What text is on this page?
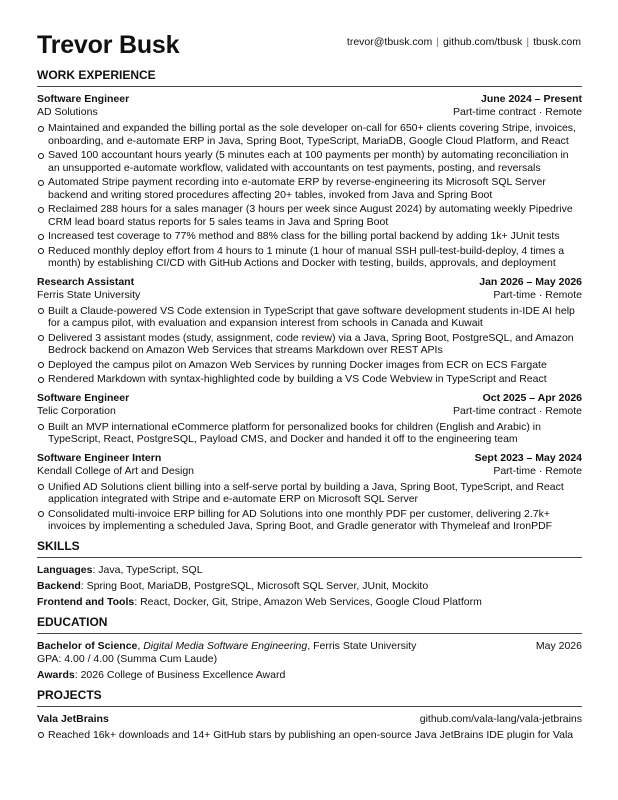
Trevor Busk	trevor@tbusk.com | github.com/tbusk | tbusk.com
WORK EXPERIENCE
Software Engineer	June 2024 – Present
AD Solutions	Part-time contract · Remote
Maintained and expanded the billing portal as the sole developer on-call for 650+ clients covering Stripe, invoices, onboarding, and e-automate ERP in Java, Spring Boot, TypeScript, MariaDB, Google Cloud Platform, and React
Saved 100 accountant hours yearly (5 minutes each at 100 payments per month) by automating reconciliation in an unsupported e-automate workflow, validated with accountants on test payments, posting, and reversals
Automated Stripe payment recording into e-automate ERP by reverse-engineering its Microsoft SQL Server backend and writing stored procedures affecting 20+ tables, invoked from Java and Spring Boot
Reclaimed 288 hours for a sales manager (3 hours per week since August 2024) by automating weekly Pipedrive CRM lead board status reports for 5 sales teams in Java and Spring Boot
Increased test coverage to 77% method and 88% class for the billing portal backend by adding 1k+ JUnit tests
Reduced monthly deploy effort from 4 hours to 1 minute (1 hour of manual SSH pull-test-build-deploy, 4 times a month) by establishing CI/CD with GitHub Actions and Docker with testing, builds, approvals, and deployment
Research Assistant	Jan 2026 – May 2026
Ferris State University	Part-time · Remote
Built a Claude-powered VS Code extension in TypeScript that gave software development students in-IDE AI help for a campus pilot, with evaluation and expansion interest from schools in Canada and Kuwait
Delivered 3 assistant modes (study, assignment, code review) via a Java, Spring Boot, PostgreSQL, and Amazon Bedrock backend on Amazon Web Services that streams Markdown over REST APIs
Deployed the campus pilot on Amazon Web Services by running Docker images from ECR on ECS Fargate
Rendered Markdown with syntax-highlighted code by building a VS Code Webview in TypeScript and React
Software Engineer	Oct 2025 – Apr 2026
Telic Corporation	Part-time contract · Remote
Built an MVP international eCommerce platform for personalized books for children (English and Arabic) in TypeScript, React, PostgreSQL, Payload CMS, and Docker and handed it off to the engineering team
Software Engineer Intern	Sept 2023 – May 2024
Kendall College of Art and Design	Part-time · Remote
Unified AD Solutions client billing into a self-serve portal by building a Java, Spring Boot, TypeScript, and React application integrated with Stripe and e-automate ERP on Microsoft SQL Server
Consolidated multi-invoice ERP billing for AD Solutions into one monthly PDF per customer, delivering 2.7k+ invoices by implementing a scheduled Java, Spring Boot, and Gradle generator with Thymeleaf and IronPDF
SKILLS
Languages: Java, TypeScript, SQL
Backend: Spring Boot, MariaDB, PostgreSQL, Microsoft SQL Server, JUnit, Mockito
Frontend and Tools: React, Docker, Git, Stripe, Amazon Web Services, Google Cloud Platform
EDUCATION
Bachelor of Science, Digital Media Software Engineering, Ferris State University	May 2026
GPA: 4.00 / 4.00 (Summa Cum Laude)
Awards: 2026 College of Business Excellence Award
PROJECTS
Vala JetBrains	github.com/vala-lang/vala-jetbrains
Reached 16k+ downloads and 14+ GitHub stars by publishing an open-source Java JetBrains IDE plugin for Vala
